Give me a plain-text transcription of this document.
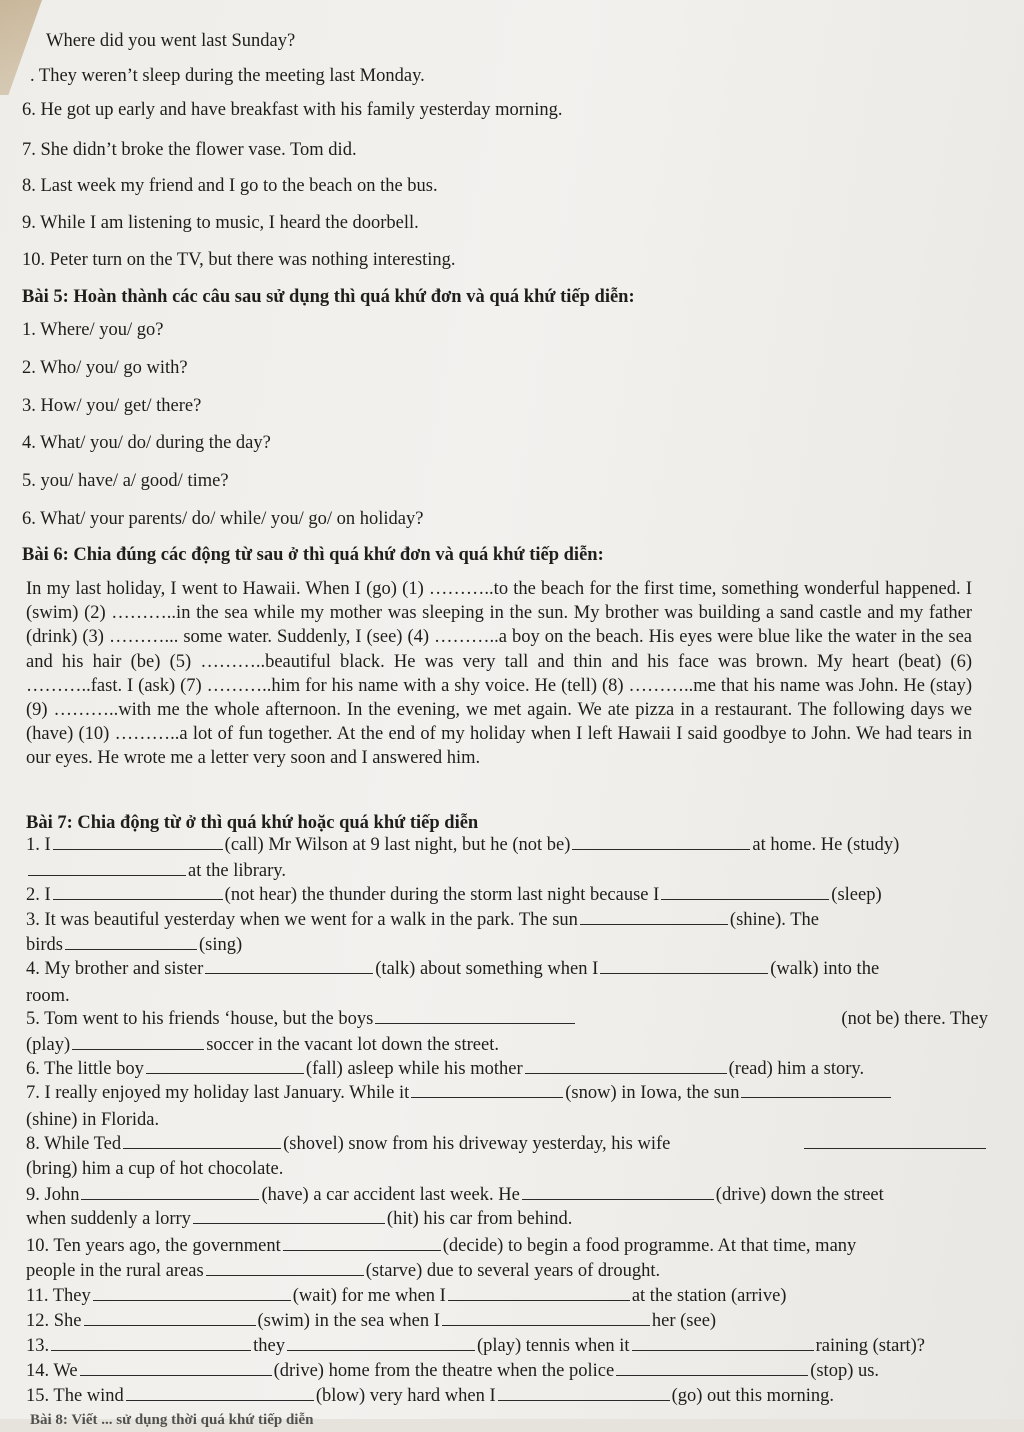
Where did you went last Sunday?
. They weren’t sleep during the meeting last Monday.
6. He got up early and have breakfast with his family yesterday morning.
7. She didn’t broke the flower vase. Tom did.
8. Last week my friend and I go to the beach on the bus.
9. While I am listening to music, I heard the doorbell.
10. Peter turn on the TV, but there was nothing interesting.
Bài 5: Hoàn thành các câu sau sử dụng thì quá khứ đơn và quá khứ tiếp diễn:
1. Where/ you/ go?
2. Who/ you/ go with?
3. How/ you/ get/ there?
4. What/ you/ do/ during the day?
5. you/ have/ a/ good/ time?
6. What/ your parents/ do/ while/ you/ go/ on holiday?
Bài 6: Chia đúng các động từ sau ở thì quá khứ đơn và quá khứ tiếp diễn:
In my last holiday, I went to Hawaii. When I (go) (1) ………..to the beach for the first time, something wonderful happened. I (swim) (2) ………..in the sea while my mother was sleeping in the sun. My brother was building a sand castle and my father (drink) (3) ………... some water. Suddenly, I (see) (4) ………..a boy on the beach. His eyes were blue like the water in the sea and his hair (be) (5) ………..beautiful black. He was very tall and thin and his face was brown. My heart (beat) (6) ………..fast. I (ask) (7) ………..him for his name with a shy voice. He (tell) (8) ………..me that his name was John. He (stay) (9) ………..with me the whole afternoon. In the evening, we met again. We ate pizza in a restaurant. The following days we (have) (10) ………..a lot of fun together. At the end of my holiday when I left Hawaii I said goodbye to John. We had tears in our eyes. He wrote me a letter very soon and I answered him.
Bài 7: Chia động từ ở thì quá khứ hoặc quá khứ tiếp diễn
1. I	(call) Mr Wilson at 9 last night, but he (not be)	at home. He (study)
at the library.
2. I	(not hear) the thunder during the storm last night because I	(sleep)
3. It was beautiful yesterday when we went for a walk in the park. The sun	(shine). The
birds	(sing)
4. My brother and sister	(talk) about something when I	(walk) into the
room.
5. Tom went to his friends ‘house, but the boys	(not be) there. They
(play)	soccer in the vacant lot down the street.
6. The little boy	(fall) asleep while his mother	(read) him a story.
7. I really enjoyed my holiday last January. While it	(snow) in Iowa, the sun
(shine) in Florida.
8. While Ted	(shovel) snow from his driveway yesterday, his wife
(bring) him a cup of hot chocolate.
9. John	(have) a car accident last week. He	(drive) down the street
when suddenly a lorry	(hit) his car from behind.
10. Ten years ago, the government	(decide) to begin a food programme. At that time, many
people in the rural areas	(starve) due to several years of drought.
11. They	(wait) for me when I	at the station (arrive)
12. She	(swim) in the sea when I	her (see)
13.	they	(play) tennis when it	raining (start)?
14. We	(drive) home from the theatre when the police	(stop) us.
15. The wind	(blow) very hard when I	(go) out this morning.
Bài 8: Viết ... sử dụng thời quá khứ tiếp diễn
